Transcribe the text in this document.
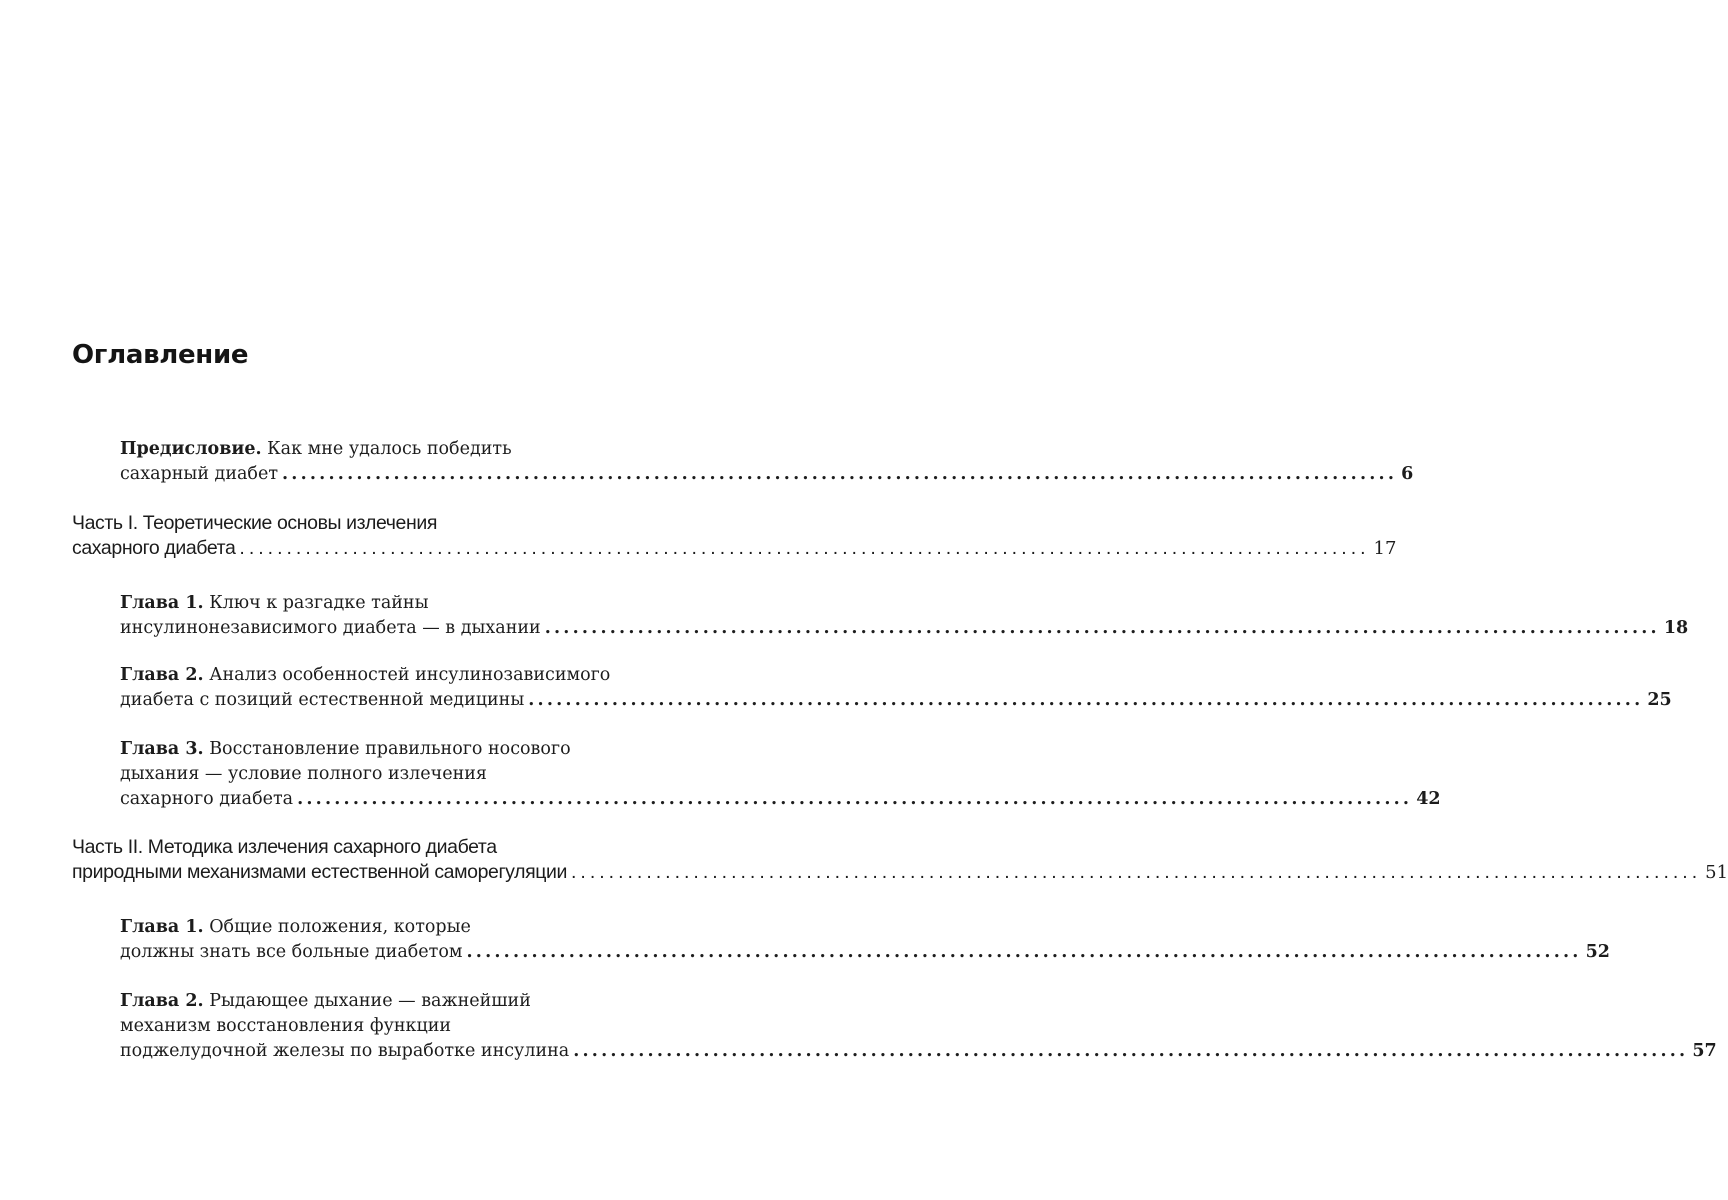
Оглавление
Предисловие. Как мне удалось победить
сахарный диабет ........................................................................................................................ 6
Часть I. Теоретические основы излечения
сахарного диабета ........................................................................................................................ 17
Глава 1. Ключ к разгадке тайны
инсулинонезависимого диабета — в дыхании ........................................................................................................................ 18
Глава 2. Анализ особенностей инсулинозависимого
диабета с позиций естественной медицины ........................................................................................................................ 25
Глава 3. Восстановление правильного носового
дыхания — условие полного излечения
сахарного диабета ........................................................................................................................ 42
Часть II. Методика излечения сахарного диабета
природными механизмами естественной саморегуляции ........................................................................................................................ 51
Глава 1. Общие положения, которые
должны знать все больные диабетом ........................................................................................................................ 52
Глава 2. Рыдающее дыхание — важнейший
механизм восстановления функции
поджелудочной железы по выработке инсулина ........................................................................................................................ 57
